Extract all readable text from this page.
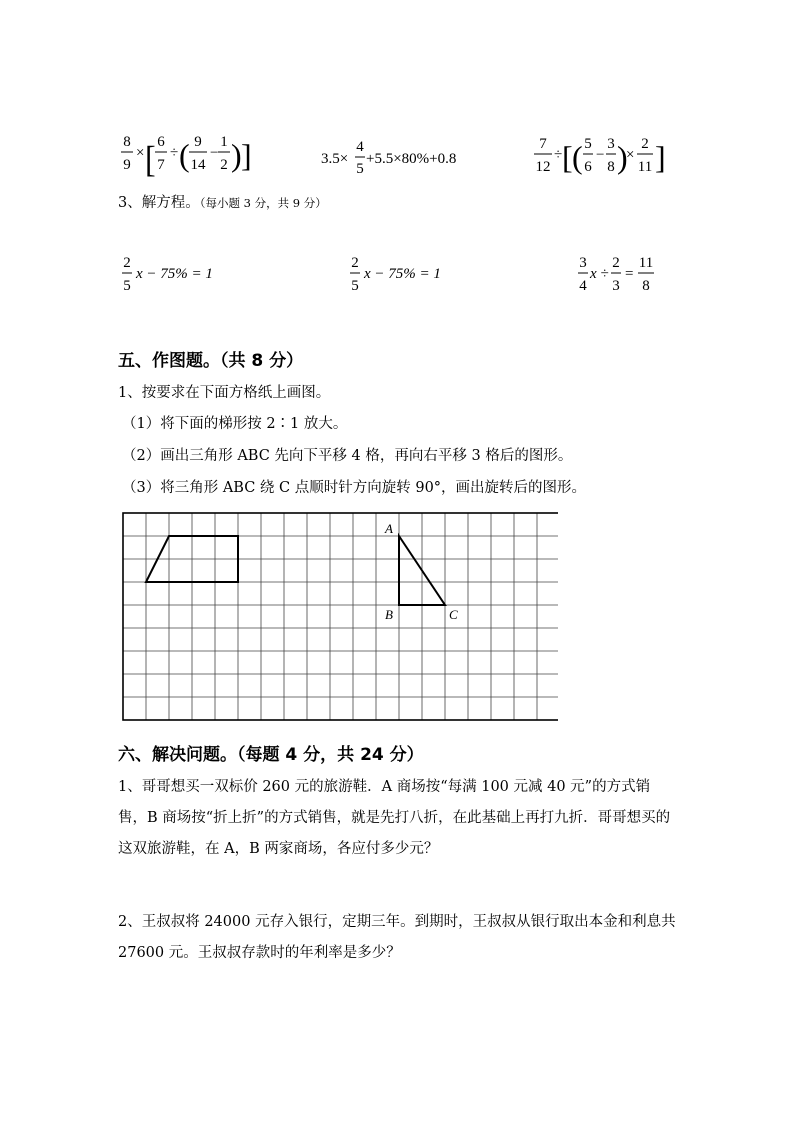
8
9
× [ 6
7
÷ ( 9
14
−
1
2 ) ]	3.5×
4
5
+5.5×80%+0.8
7
12
÷ [ ( 5
6
−
3
8 )
×
2
11 ]
3、解方程。（每小题 3 分，共 9 分）
2
5
x − 75% = 1
2
5
x − 75% = 1
3
4
x ÷
2
3
=
11
8
五、作图题。（共 8 分）
1、按要求在下面方格纸上画图。
（1）将下面的梯形按 2∶1 放大。
（2）画出三角形 ABC 先向下平移 4 格，再向右平移 3 格后的图形。
（3）将三角形 ABC 绕 C 点顺时针方向旋转 90°，画出旋转后的图形。
A
B	C
六、解决问题。（每题 4 分，共 24 分）
1、哥哥想买一双标价 260 元的旅游鞋．A 商场按“每满 100 元减 40 元”的方式销售，B 商场按“折上折”的方式销售，就是先打八折，在此基础上再打九折．哥哥想买的这双旅游鞋，在 A，B 两家商场，各应付多少元？
2、王叔叔将 24000 元存入银行，定期三年。到期时，王叔叔从银行取出本金和利息共 27600 元。王叔叔存款时的年利率是多少？
